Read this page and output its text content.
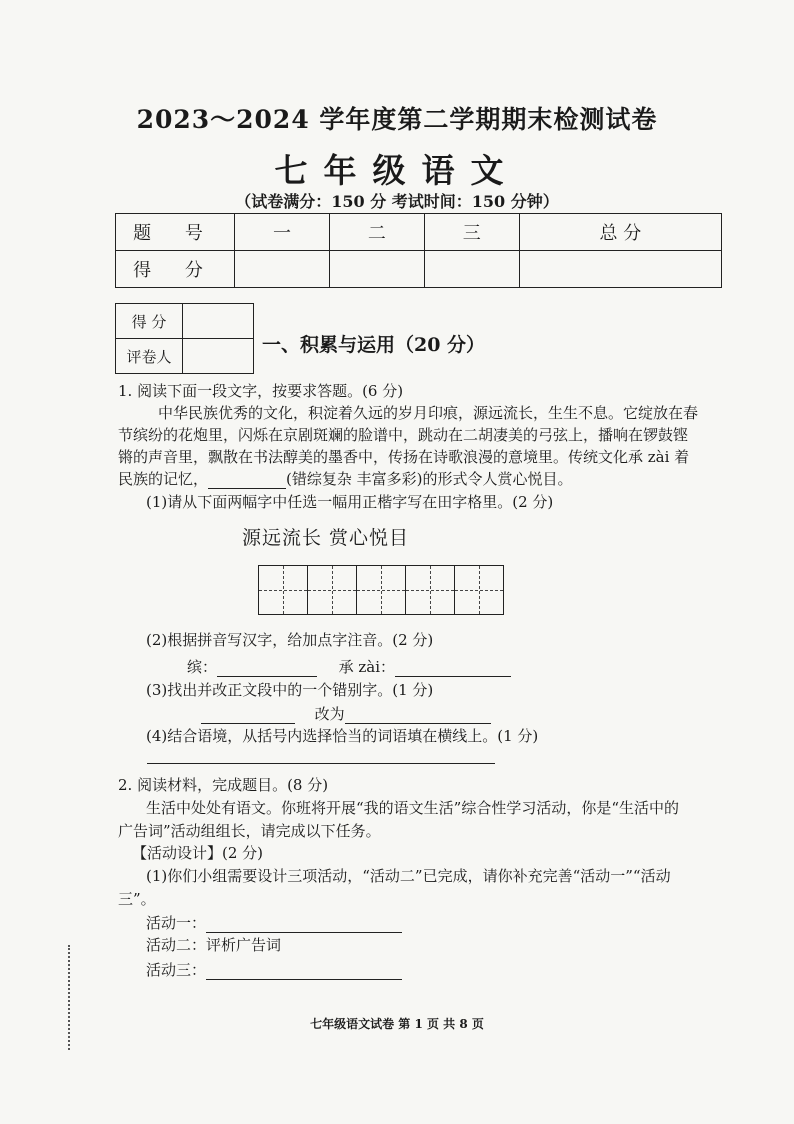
2023～2024 学年度第二学期期末检测试卷
七年级语文
（试卷满分：150 分 考试时间：150 分钟）
题 号	一	二	三	总 分
得 分				
得 分	
评卷人	
一、积累与运用（20 分）
1. 阅读下面一段文字，按要求答题。(6 分)
中华民族优秀的文化，积淀着久远的岁月印痕，源远流长，生生不息。它绽放在春
节缤纷的花炮里，闪烁在京剧斑斓的脸谱中，跳动在二胡凄美的弓弦上，播响在锣鼓铿
锵的声音里，飘散在书法醇美的墨香中，传扬在诗歌浪漫的意境里。传统文化承 zài 着
民族的记忆，	(错综复杂 丰富多彩)的形式令人赏心悦目。
(1)请从下面两幅字中任选一幅用正楷字写在田字格里。(2 分)
源远流长 赏心悦目
(2)根据拼音写汉字，给加点字注音。(2 分)
缤：	承 zài：
(3)找出并改正文段中的一个错别字。(1 分)
改为
(4)结合语境，从括号内选择恰当的词语填在横线上。(1 分)
2. 阅读材料，完成题目。(8 分)
生活中处处有语文。你班将开展“我的语文生活”综合性学习活动，你是“生活中的
广告词”活动组组长，请完成以下任务。
【活动设计】(2 分)
(1)你们小组需要设计三项活动，“活动二”已完成，请你补充完善“活动一”“活动
三”。
活动一：
活动二：评析广告词
活动三：
七年级语文试卷 第 1 页 共 8 页
